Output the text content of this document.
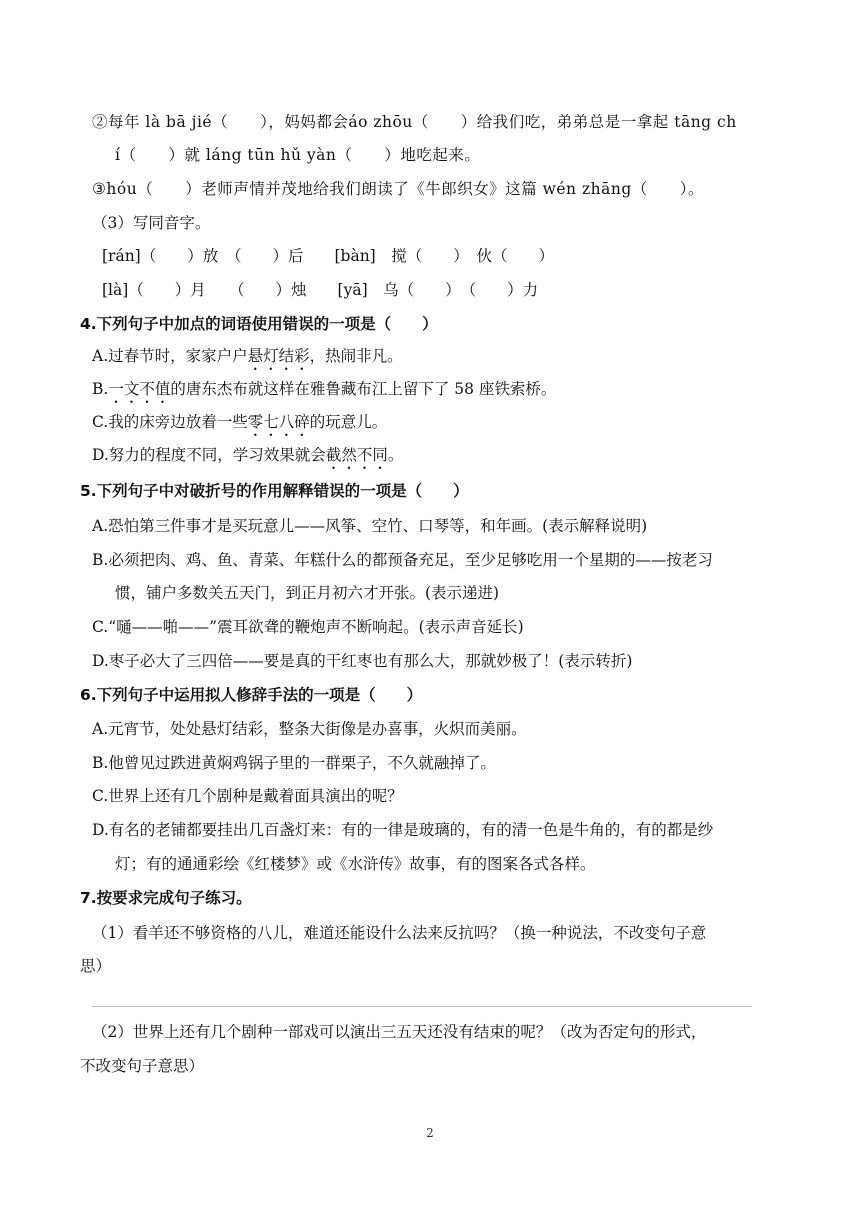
②每年 là bā jié（　　），妈妈都会áo zhōu（　　）给我们吃，弟弟总是一拿起 tāng ch
í（　　）就 láng tūn hǔ yàn（　　）地吃起来。
③hóu（　　）老师声情并茂地给我们朗读了《牛郎织女》这篇 wén zhāng（　　）。
（3）写同音字。
[rán]（　　）放　（　　）后　　[bàn]　搅（　　）　伙（　　）
[là]（　　）月　　（　　）烛　　[yā]　乌（　　）　（　　）力
4.下列句子中加点的词语使用错误的一项是（　　）
A.过春节时，家家户户悬灯结彩，热闹非凡。
B.一文不值的唐东杰布就这样在雅鲁藏布江上留下了 58 座铁索桥。
C.我的床旁边放着一些零七八碎的玩意儿。
D.努力的程度不同，学习效果就会截然不同。
5.下列句子中对破折号的作用解释错误的一项是（　　）
A.恐怕第三件事才是买玩意儿——风筝、空竹、口琴等，和年画。(表示解释说明)
B.必须把肉、鸡、鱼、青菜、年糕什么的都预备充足，至少足够吃用一个星期的——按老习
惯，铺户多数关五天门，到正月初六才开张。(表示递进)
C.“嗵——啪——”震耳欲聋的鞭炮声不断响起。(表示声音延长)
D.枣子必大了三四倍——要是真的干红枣也有那么大，那就妙极了！(表示转折)
6.下列句子中运用拟人修辞手法的一项是（　　）
A.元宵节，处处悬灯结彩，整条大街像是办喜事，火炽而美丽。
B.他曾见过跌进黄焖鸡锅子里的一群栗子，不久就融掉了。
C.世界上还有几个剧种是戴着面具演出的呢？
D.有名的老铺都要挂出几百盏灯来：有的一律是玻璃的，有的清一色是牛角的，有的都是纱
灯；有的通通彩绘《红楼梦》或《水浒传》故事，有的图案各式各样。
7.按要求完成句子练习。
（1）看羊还不够资格的八儿，难道还能设什么法来反抗吗？（换一种说法，不改变句子意
思）
（2）世界上还有几个剧种一部戏可以演出三五天还没有结束的呢？（改为否定句的形式，
不改变句子意思）
2
